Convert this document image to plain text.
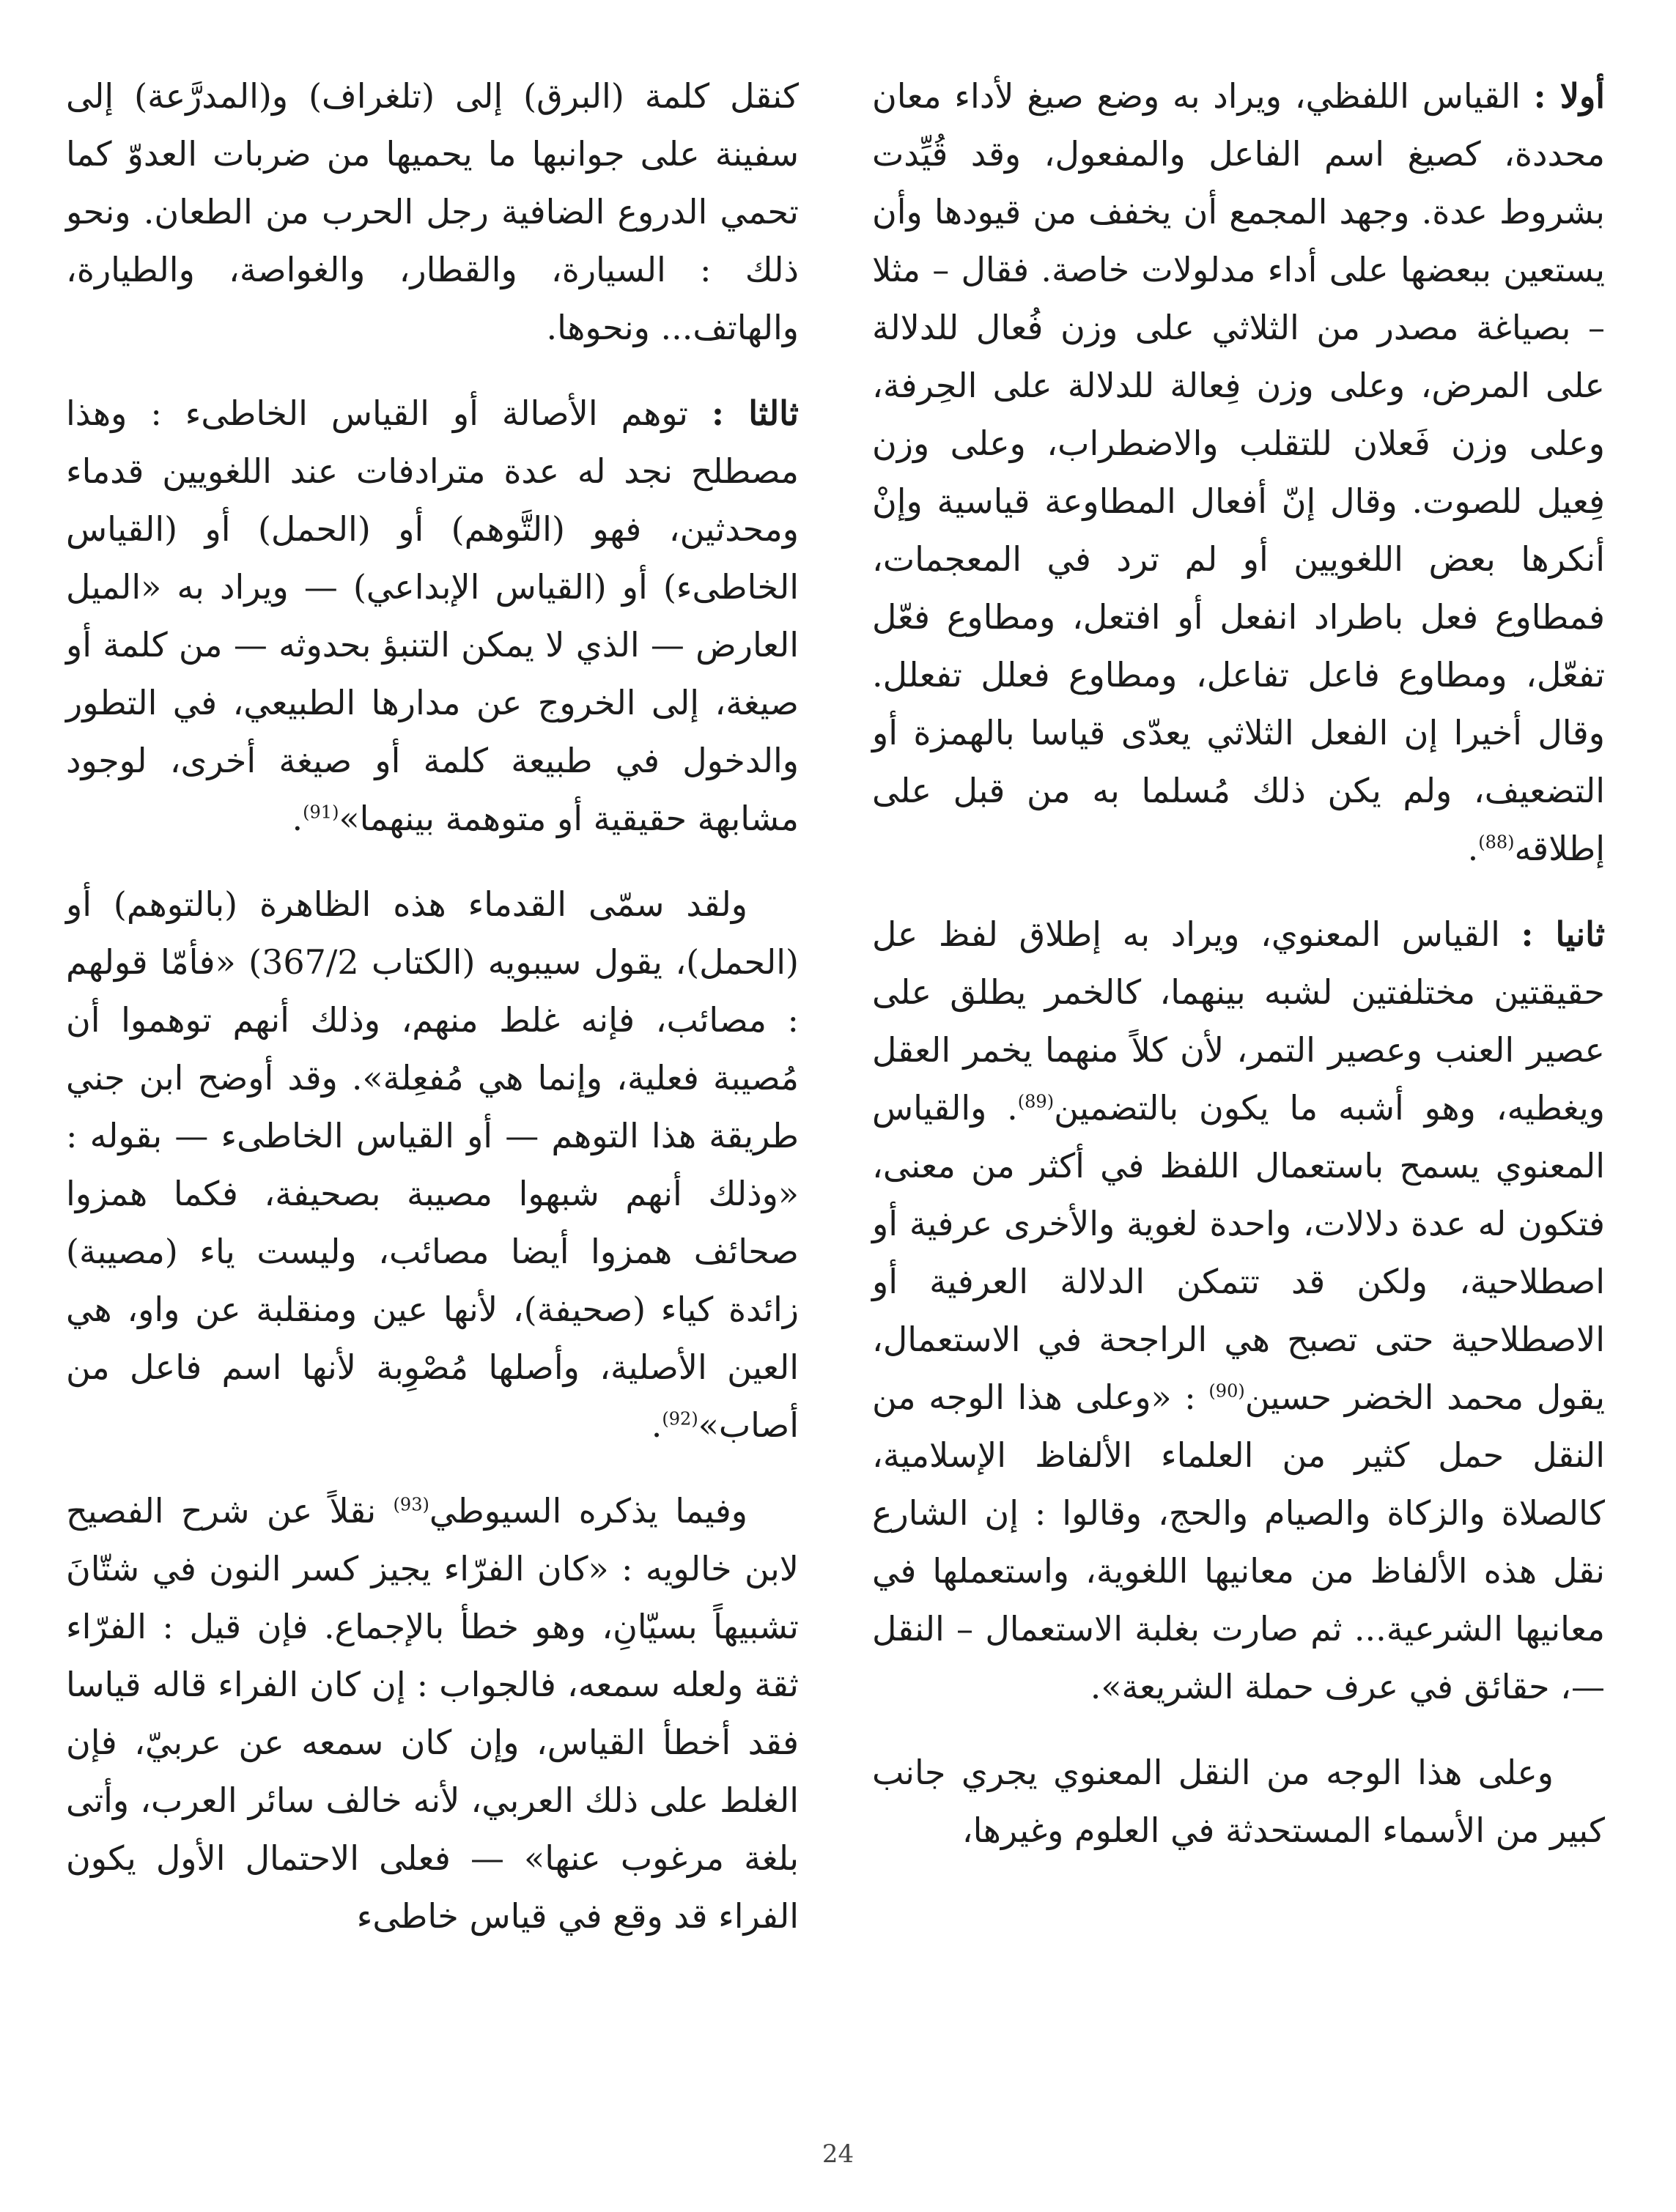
أولا : القياس اللفظي، ويراد به وضع صيغ لأداء معان محددة، كصيغ اسم الفاعل والمفعول، وقد قُيِّدت بشروط عدة. وجهد المجمع أن يخفف من قيودها وأن يستعين ببعضها على أداء مدلولات خاصة. فقال – مثلا – بصياغة مصدر من الثلاثي على وزن فُعال للدلالة على المرض، وعلى وزن فِعالة للدلالة على الحِرفة، وعلى وزن فَعلان للتقلب والاضطراب، وعلى وزن فِعيل للصوت. وقال إنّ أفعال المطاوعة قياسية وإنْ أنكرها بعض اللغويين أو لم ترد في المعجمات، فمطاوع فعل باطراد انفعل أو افتعل، ومطاوع فعّل تفعّل، ومطاوع فاعل تفاعل، ومطاوع فعلل تفعلل. وقال أخيرا إن الفعل الثلاثي يعدّى قياسا بالهمزة أو التضعيف، ولم يكن ذلك مُسلما به من قبل على إطلاقه$^{(88)}$.

ثانيا : القياس المعنوي، ويراد به إطلاق لفظ عل حقيقتين مختلفتين لشبه بينهما، كالخمر يطلق على عصير العنب وعصير التمر، لأن كلاً منهما يخمر العقل ويغطيه، وهو أشبه ما يكون بالتضمين$^{(89)}$. والقياس المعنوي يسمح باستعمال اللفظ في أكثر من معنى، فتكون له عدة دلالات، واحدة لغوية والأخرى عرفية أو اصطلاحية، ولكن قد تتمكن الدلالة العرفية أو الاصطلاحية حتى تصبح هي الراجحة في الاستعمال، يقول محمد الخضر حسين$^{(90)}$ : «وعلى هذا الوجه من النقل حمل كثير من العلماء الألفاظ الإسلامية، كالصلاة والزكاة والصيام والحج، وقالوا : إن الشارع نقل هذه الألفاظ من معانيها اللغوية، واستعملها في معانيها الشرعية... ثم صارت بغلبة الاستعمال – النقل —، حقائق في عرف حملة الشريعة».

وعلى هذا الوجه من النقل المعنوي يجري جانب كبير من الأسماء المستحدثة في العلوم وغيرها،

كنقل كلمة (البرق) إلى (تلغراف) و(المدرَّعة) إلى سفينة على جوانبها ما يحميها من ضربات العدوّ كما تحمي الدروع الضافية رجل الحرب من الطعان. ونحو ذلك : السيارة، والقطار، والغواصة، والطيارة، والهاتف... ونحوها.

ثالثا : توهم الأصالة أو القياس الخاطىء : وهذا مصطلح نجد له عدة مترادفات عند اللغويين قدماء ومحدثين، فهو (التَّوهم) أو (الحمل) أو (القياس الخاطىء) أو (القياس الإبداعي) — ويراد به «الميل العارض — الذي لا يمكن التنبؤ بحدوثه — من كلمة أو صيغة، إلى الخروج عن مدارها الطبيعي، في التطور والدخول في طبيعة كلمة أو صيغة أخرى، لوجود مشابهة حقيقية أو متوهمة بينهما»$^{(91)}$.

ولقد سمّى القدماء هذه الظاهرة (بالتوهم) أو (الحمل)، يقول سيبويه (الكتاب 367/2) «فأمّا قولهم : مصائب، فإنه غلط منهم، وذلك أنهم توهموا أن مُصيبة فعلية، وإنما هي مُفعِلة». وقد أوضح ابن جني طريقة هذا التوهم — أو القياس الخاطىء — بقوله : «وذلك أنهم شبهوا مصيبة بصحيفة، فكما همزوا صحائف همزوا أيضا مصائب، وليست ياء (مصيبة) زائدة كياء (صحيفة)، لأنها عين ومنقلبة عن واو، هي العين الأصلية، وأصلها مُصْوِبة لأنها اسم فاعل من أصاب»$^{(92)}$.

وفيما يذكره السيوطي$^{(93)}$ نقلاً عن شرح الفصيح لابن خالويه : «كان الفرّاء يجيز كسر النون في شتّانَ تشبيهاً بسيّانِ، وهو خطأ بالإجماع. فإن قيل : الفرّاء ثقة ولعله سمعه، فالجواب : إن كان الفراء قاله قياسا فقد أخطأ القياس، وإن كان سمعه عن عربيّ، فإن الغلط على ذلك العربي، لأنه خالف سائر العرب، وأتى بلغة مرغوب عنها» — فعلى الاحتمال الأول يكون الفراء قد وقع في قياس خاطىء

24
